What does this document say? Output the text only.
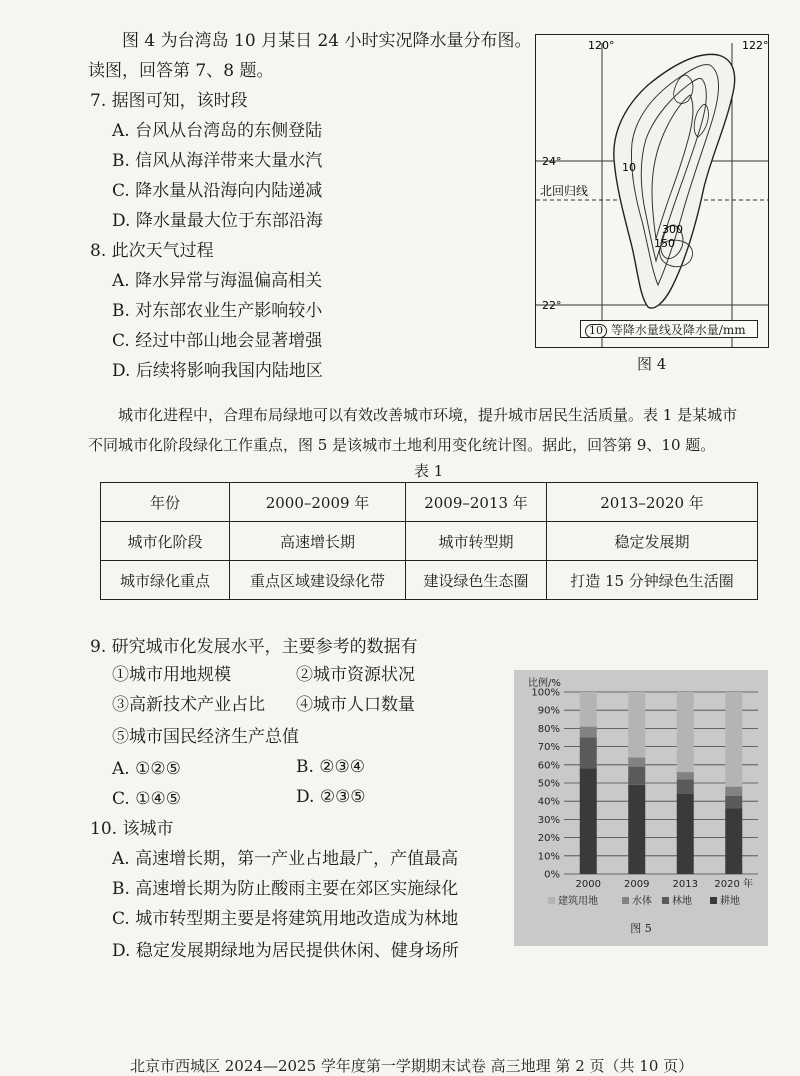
图 4 为台湾岛 10 月某日 24 小时实况降水量分布图。
读图，回答第 7、8 题。
7. 据图可知，该时段
A. 台风从台湾岛的东侧登陆
B. 信风从海洋带来大量水汽
C. 降水量从沿海向内陆递减
D. 降水量最大位于东部沿海
8. 此次天气过程
A. 降水异常与海温偏高相关
B. 对东部农业生产影响较小
C. 经过中部山地会显著增强
D. 后续将影响我国内陆地区
120°	122°
24°
22°
北回归线
10
300
150
10 等降水量线及降水量/mm
图 4
城市化进程中，合理布局绿地可以有效改善城市环境，提升城市居民生活质量。表 1 是某城市
不同城市化阶段绿化工作重点，图 5 是该城市土地利用变化统计图。据此，回答第 9、10 题。
表 1
年份	2000–2009 年	2009–2013 年	2013–2020 年
城市化阶段	高速增长期	城市转型期	稳定发展期
城市绿化重点	重点区域建设绿化带	建设绿色生态圈	打造 15 分钟绿色生活圈
9. 研究城市化发展水平，主要参考的数据有
①城市用地规模	②城市资源状况
③高新技术产业占比 ④城市人口数量
⑤城市国民经济生产总值
A. ①②⑤	B. ②③④
C. ①④⑤	D. ②③⑤
10. 该城市
A. 高速增长期，第一产业占地最广，产值最高
B. 高速增长期为防止酸雨主要在郊区实施绿化
C. 城市转型期主要是将建筑用地改造成为林地
D. 稳定发展期绿地为居民提供休闲、健身场所
比例/%
0%
10%
20%
30%
40%
50%
60%
70%
80%
90%
100%
2000 2009 2013 2020 年
建筑用地	水体 林地	耕地
图 5
北京市西城区 2024—2025 学年度第一学期期末试卷 高三地理 第 2 页（共 10 页）
